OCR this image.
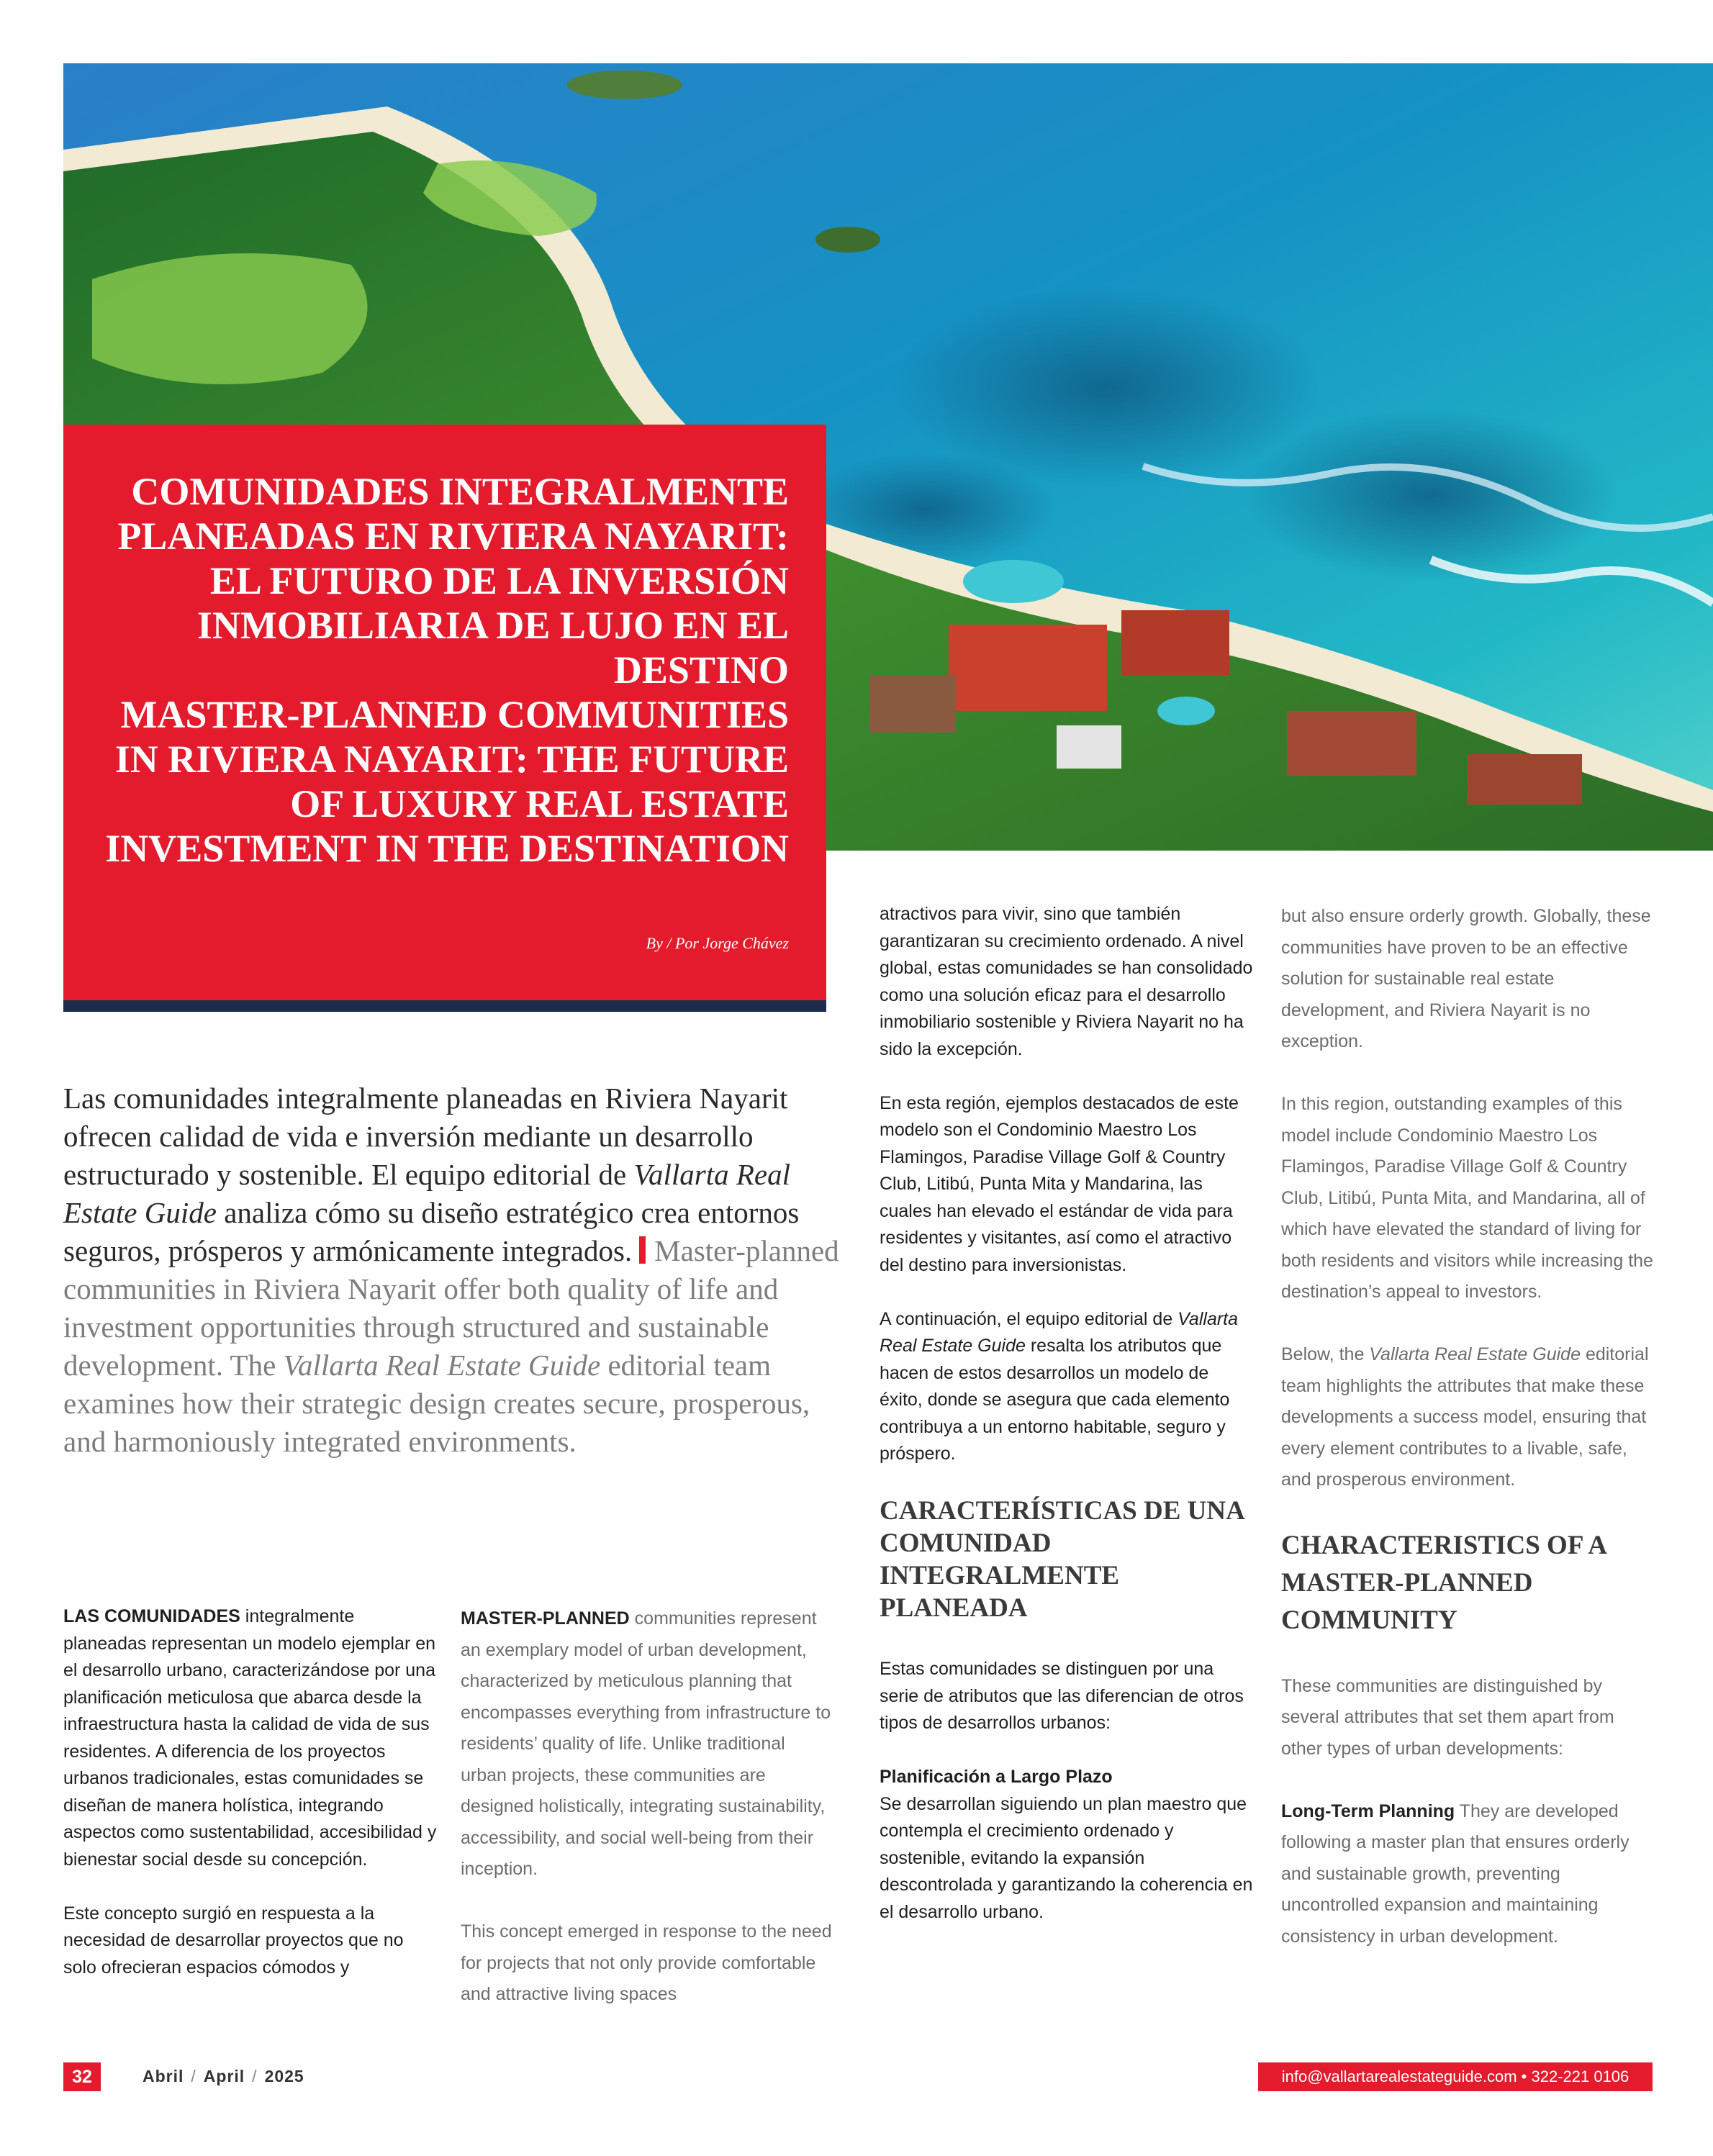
COMUNIDADES INTEGRALMENTE PLANEADAS EN RIVIERA NAYARIT: EL FUTURO DE LA INVERSIÓN INMOBILIARIA DE LUJO EN EL DESTINO
MASTER-PLANNED COMMUNITIES IN RIVIERA NAYARIT: THE FUTURE OF LUXURY REAL ESTATE INVESTMENT IN THE DESTINATION
By / Por Jorge Chávez
Las comunidades integralmente planeadas en Riviera Nayarit ofrecen calidad de vida e inversión mediante un desarrollo estructurado y sostenible. El equipo editorial de Vallarta Real Estate Guide analiza cómo su diseño estratégico crea entornos seguros, prósperos y armónicamente integrados. Master-planned communities in Riviera Nayarit offer both quality of life and investment opportunities through structured and sustainable development. The Vallarta Real Estate Guide editorial team examines how their strategic design creates secure, prosperous, and harmoniously integrated environments.

LAS COMUNIDADES integralmente planeadas representan un modelo ejemplar en el desarrollo urbano, caracterizándose por una planificación meticulosa que abarca desde la infraestructura hasta la calidad de vida de sus residentes. A diferencia de los proyectos urbanos tradicionales, estas comunidades se diseñan de manera holística, integrando aspectos como sustentabilidad, accesibilidad y bienestar social desde su concepción.

Este concepto surgió en respuesta a la necesidad de desarrollar proyectos que no solo ofrecieran espacios cómodos y

MASTER-PLANNED communities represent an exemplary model of urban development, characterized by meticulous planning that encompasses everything from infrastructure to residents’ quality of life. Unlike traditional urban projects, these communities are designed holistically, integrating sustainability, accessibility, and social well-being from their inception.

This concept emerged in response to the need for projects that not only provide comfortable and attractive living spaces

atractivos para vivir, sino que también garantizaran su crecimiento ordenado. A nivel global, estas comunidades se han consolidado como una solución eficaz para el desarrollo inmobiliario sostenible y Riviera Nayarit no ha sido la excepción.

En esta región, ejemplos destacados de este modelo son el Condominio Maestro Los Flamingos, Paradise Village Golf & Country Club, Litibú, Punta Mita y Mandarina, las cuales han elevado el estándar de vida para residentes y visitantes, así como el atractivo del destino para inversionistas.

A continuación, el equipo editorial de Vallarta Real Estate Guide resalta los atributos que hacen de estos desarrollos un modelo de éxito, donde se asegura que cada elemento contribuya a un entorno habitable, seguro y próspero.

CARACTERÍSTICAS DE UNA COMUNIDAD INTEGRALMENTE PLANEADA

Estas comunidades se distinguen por una serie de atributos que las diferencian de otros tipos de desarrollos urbanos:

Planificación a Largo Plazo

Se desarrollan siguiendo un plan maestro que contempla el crecimiento ordenado y sostenible, evitando la expansión descontrolada y garantizando la coherencia en el desarrollo urbano.

but also ensure orderly growth. Globally, these communities have proven to be an effective solution for sustainable real estate development, and Riviera Nayarit is no exception.

In this region, outstanding examples of this model include Condominio Maestro Los Flamingos, Paradise Village Golf & Country Club, Litibú, Punta Mita, and Mandarina, all of which have elevated the standard of living for both residents and visitors while increasing the destination’s appeal to investors.

Below, the Vallarta Real Estate Guide editorial team highlights the attributes that make these developments a success model, ensuring that every element contributes to a livable, safe, and prosperous environment.

CHARACTERISTICS OF A MASTER-PLANNED COMMUNITY

These communities are distinguished by several attributes that set them apart from other types of urban developments:

Long-Term Planning They are developed following a master plan that ensures orderly and sustainable growth, preventing uncontrolled expansion and maintaining consistency in urban development.

32	Abril / April / 2025	info@vallartarealestateguide.com • 322-221 0106
